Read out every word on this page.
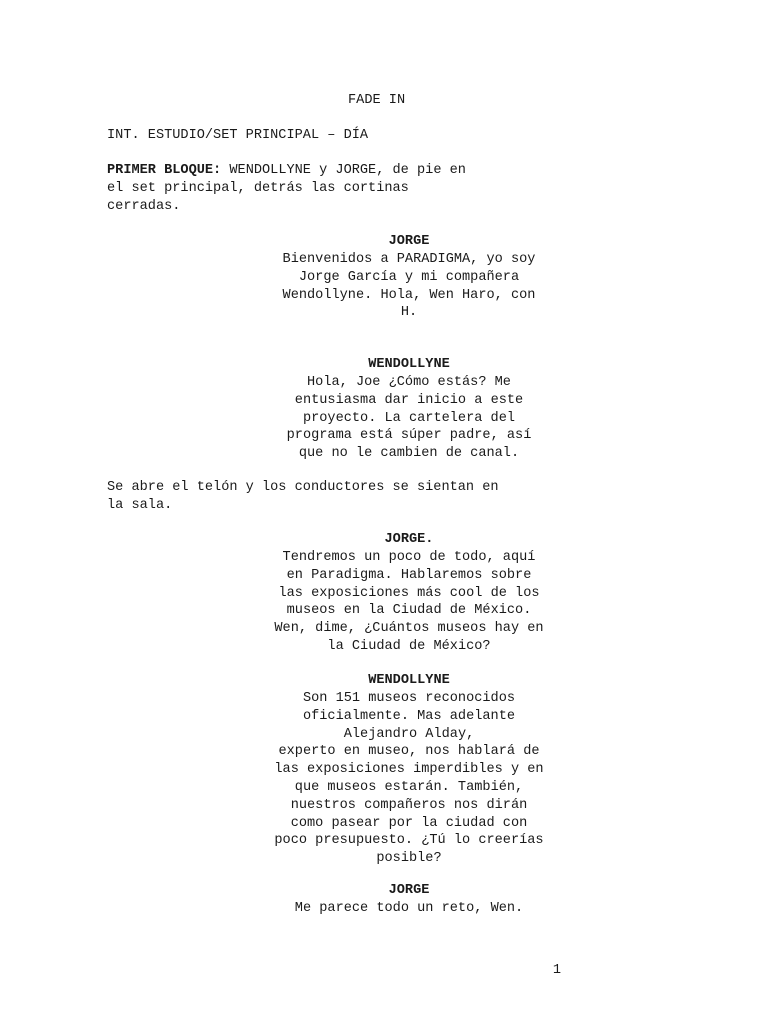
FADE IN
INT. ESTUDIO/SET PRINCIPAL – DÍA
PRIMER BLOQUE: WENDOLLYNE y JORGE, de pie en
el set principal, detrás las cortinas
cerradas.
JORGE
Bienvenidos a PARADIGMA, yo soy
Jorge García y mi compañera
Wendollyne. Hola, Wen Haro, con
H.
WENDOLLYNE
Hola, Joe ¿Cómo estás? Me
entusiasma dar inicio a este
proyecto. La cartelera del
programa está súper padre, así
que no le cambien de canal.
Se abre el telón y los conductores se sientan en
la sala.
JORGE.
Tendremos un poco de todo, aquí
en Paradigma. Hablaremos sobre
las exposiciones más cool de los
museos en la Ciudad de México.
Wen, dime, ¿Cuántos museos hay en
la Ciudad de México?
WENDOLLYNE
Son 151 museos reconocidos
oficialmente. Mas adelante
Alejandro Alday,
experto en museo, nos hablará de
las exposiciones imperdibles y en
que museos estarán. También,
nuestros compañeros nos dirán
como pasear por la ciudad con
poco presupuesto. ¿Tú lo creerías
posible?
JORGE
Me parece todo un reto, Wen.
1
